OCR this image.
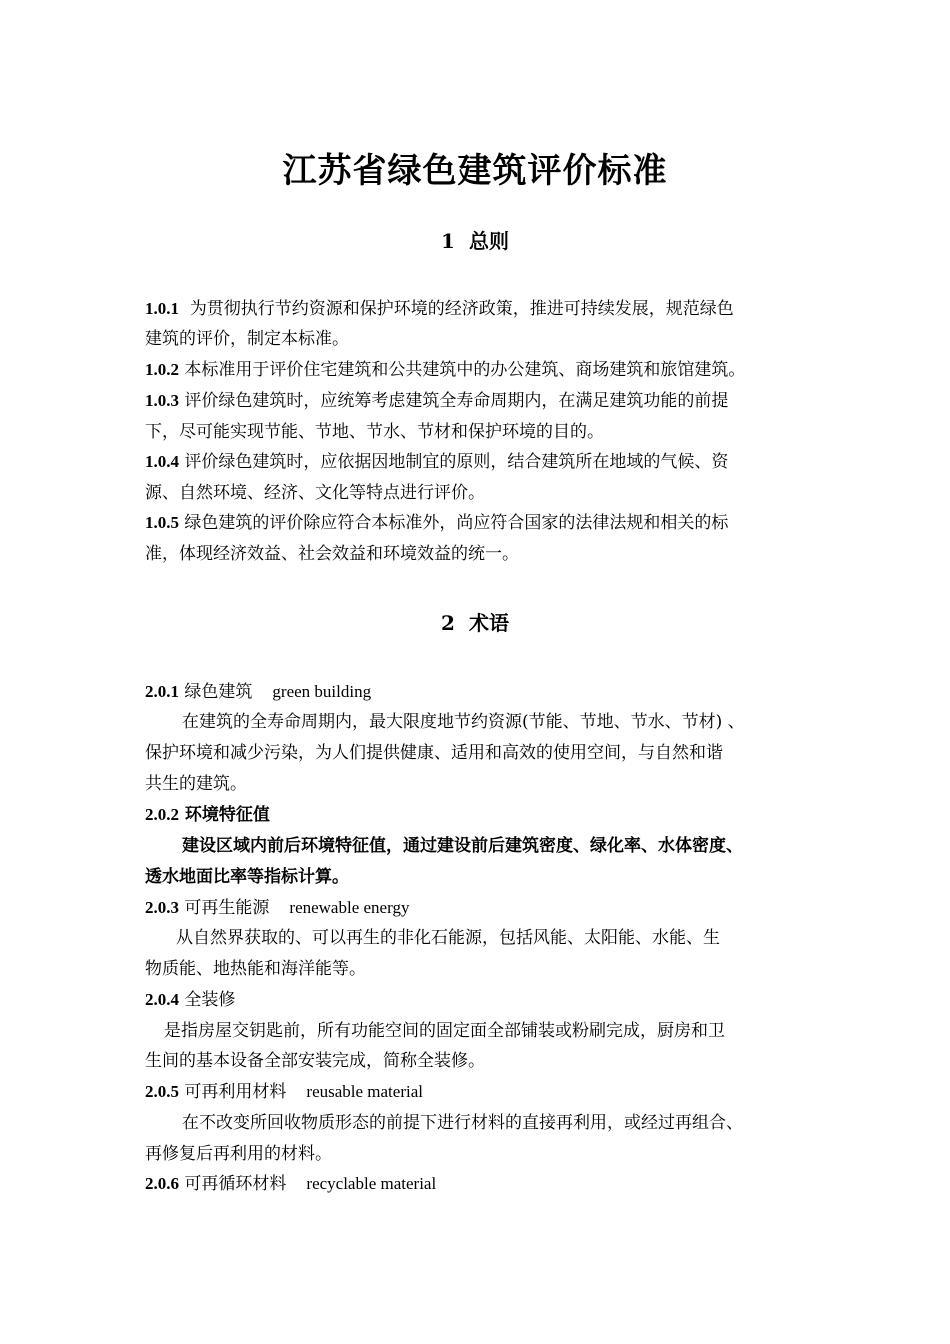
江苏省绿色建筑评价标准
1 总则
1.0.1 为贯彻执行节约资源和保护环境的经济政策，推进可持续发展，规范绿色
建筑的评价，制定本标准。
1.0.2 本标准用于评价住宅建筑和公共建筑中的办公建筑、商场建筑和旅馆建筑。
1.0.3 评价绿色建筑时，应统筹考虑建筑全寿命周期内，在满足建筑功能的前提
下，尽可能实现节能、节地、节水、节材和保护环境的目的。
1.0.4 评价绿色建筑时，应依据因地制宜的原则，结合建筑所在地域的气候、资
源、自然环境、经济、文化等特点进行评价。
1.0.5 绿色建筑的评价除应符合本标准外，尚应符合国家的法律法规和相关的标
准，体现经济效益、社会效益和环境效益的统一。
2 术语
2.0.1 绿色建筑 green building
在建筑的全寿命周期内，最大限度地节约资源(节能、节地、节水、节材) 、
保护环境和减少污染，为人们提供健康、适用和高效的使用空间，与自然和谐
共生的建筑。
2.0.2 环境特征值
建设区域内前后环境特征值，通过建设前后建筑密度、绿化率、水体密度、
透水地面比率等指标计算。
2.0.3 可再生能源 renewable energy
从自然界获取的、可以再生的非化石能源，包括风能、太阳能、水能、生
物质能、地热能和海洋能等。
2.0.4 全装修
是指房屋交钥匙前，所有功能空间的固定面全部铺装或粉刷完成，厨房和卫
生间的基本设备全部安装完成，简称全装修。
2.0.5 可再利用材料 reusable material
在不改变所回收物质形态的前提下进行材料的直接再利用，或经过再组合、
再修复后再利用的材料。
2.0.6 可再循环材料 recyclable material
